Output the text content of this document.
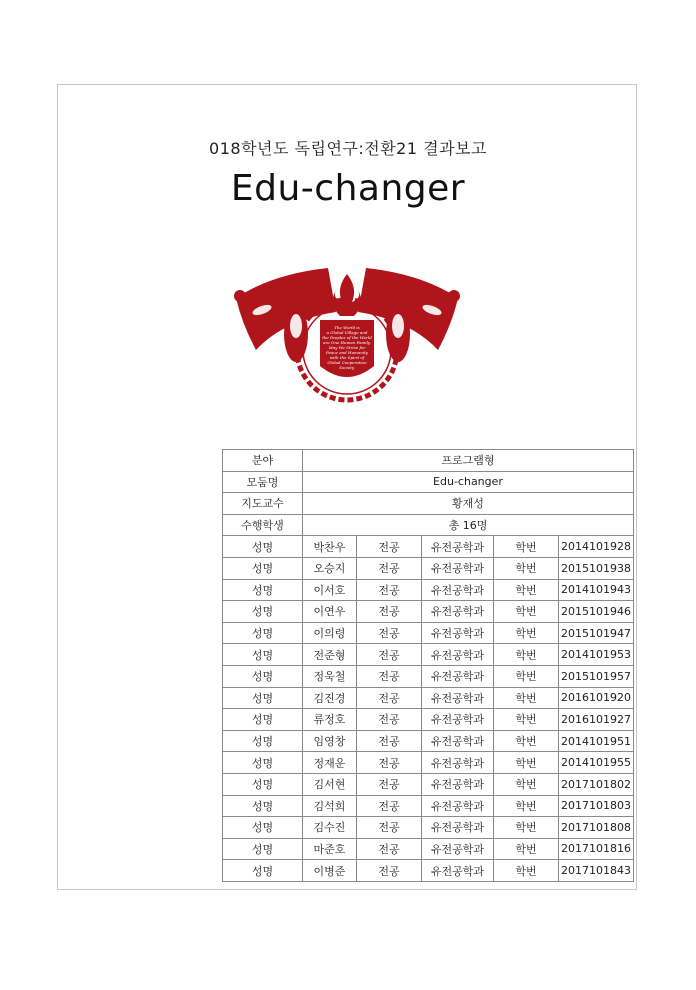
018학년도 독립연구:전환21 결과보고
Edu-changer
The World is
a Global Village and
the Peoples of the World
are One Human Family.
May We Strive for
Peace and Humanity
with the Spirit of
Global Cooperation
Society.
분야	프로그램형				
모둠명	Edu-changer				
지도교수	황재성				
수행학생	총 16명				
성명	박찬우	전공	유전공학과	학번	2014101928
성명	오승지	전공	유전공학과	학번	2015101938
성명	이서호	전공	유전공학과	학번	2014101943
성명	이연우	전공	유전공학과	학번	2015101946
성명	이의령	전공	유전공학과	학번	2015101947
성명	전준형	전공	유전공학과	학번	2014101953
성명	정욱철	전공	유전공학과	학번	2015101957
성명	김진경	전공	유전공학과	학번	2016101920
성명	류정호	전공	유전공학과	학번	2016101927
성명	임영창	전공	유전공학과	학번	2014101951
성명	정재운	전공	유전공학과	학번	2014101955
성명	김서현	전공	유전공학과	학번	2017101802
성명	김석희	전공	유전공학과	학번	2017101803
성명	김수진	전공	유전공학과	학번	2017101808
성명	마준호	전공	유전공학과	학번	2017101816
성명	이병준	전공	유전공학과	학번	2017101843
